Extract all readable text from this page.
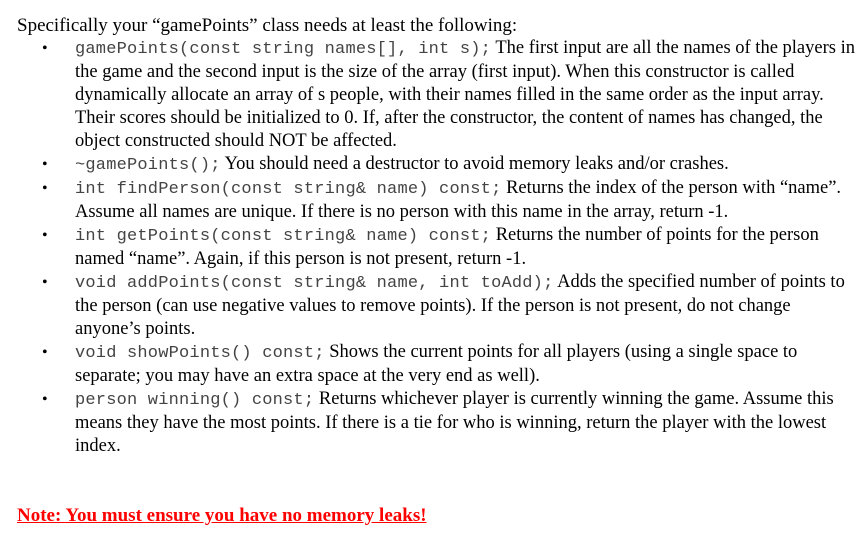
Specifically your “gamePoints” class needs at least the following:

• gamePoints(const string names[], int s); The first input are all the names of the players in the game and the second input is the size of the array (first input). When this constructor is called dynamically allocate an array of s people, with their names filled in the same order as the input array. Their scores should be initialized to 0. If, after the constructor, the content of names has changed, the object constructed should NOT be affected.
• ~gamePoints(); You should need a destructor to avoid memory leaks and/or crashes.
• int findPerson(const string& name) const; Returns the index of the person with “name”. Assume all names are unique. If there is no person with this name in the array, return -1.
• int getPoints(const string& name) const; Returns the number of points for the person named “name”. Again, if this person is not present, return -1.
• void addPoints(const string& name, int toAdd); Adds the specified number of points to the person (can use negative values to remove points). If the person is not present, do not change anyone’s points.
• void showPoints() const; Shows the current points for all players (using a single space to separate; you may have an extra space at the very end as well).
• person winning() const; Returns whichever player is currently winning the game. Assume this means they have the most points. If there is a tie for who is winning, return the player with the lowest index.
Note: You must ensure you have no memory leaks!
